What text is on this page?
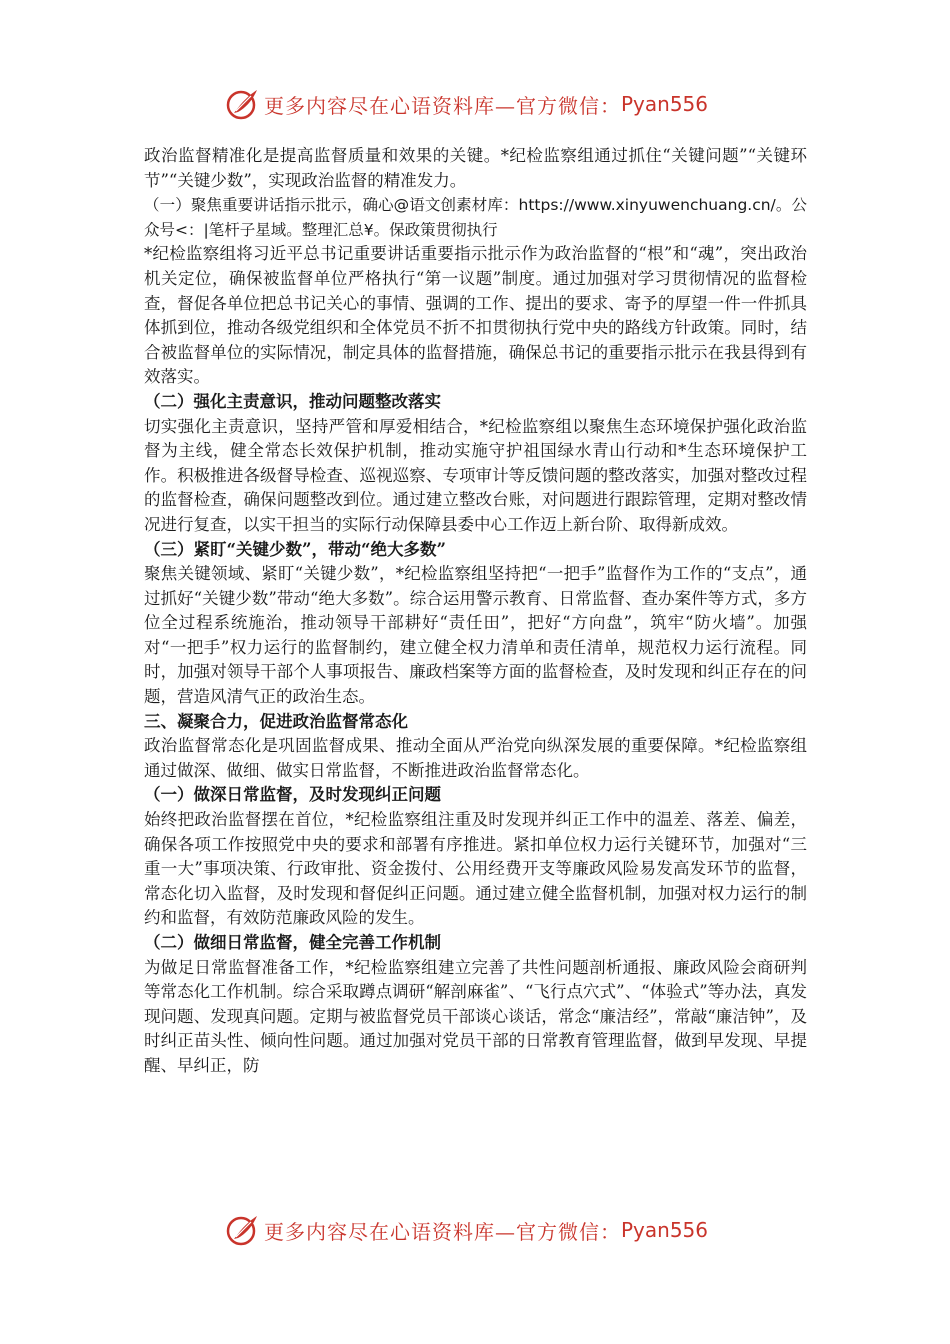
更多内容尽在心语资料库—官方微信： Pyan556

政治监督精准化是提高监督质量和效果的关键。*纪检监察组通过抓住“关键问题”“关键环节”“关键少数”，实现政治监督的精准发力。

（一）聚焦重要讲话指示批示，确心@语文创素材库：https://www.xinyuwenchuang.cn/。公众号<：|笔杆子星域。整理汇总¥。保政策贯彻执行

*纪检监察组将习近平总书记重要讲话重要指示批示作为政治监督的“根”和“魂”，突出政治机关定位，确保被监督单位严格执行“第一议题”制度。通过加强对学习贯彻情况的监督检查，督促各单位把总书记关心的事情、强调的工作、提出的要求、寄予的厚望一件一件抓具体抓到位，推动各级党组织和全体党员不折不扣贯彻执行党中央的路线方针政策。同时，结合被监督单位的实际情况，制定具体的监督措施，确保总书记的重要指示批示在我县得到有效落实。

（二）强化主责意识，推动问题整改落实

切实强化主责意识，坚持严管和厚爱相结合，*纪检监察组以聚焦生态环境保护强化政治监督为主线，健全常态长效保护机制，推动实施守护祖国绿水青山行动和*生态环境保护工作。积极推进各级督导检查、巡视巡察、专项审计等反馈问题的整改落实，加强对整改过程的监督检查，确保问题整改到位。通过建立整改台账，对问题进行跟踪管理，定期对整改情况进行复查，以实干担当的实际行动保障县委中心工作迈上新台阶、取得新成效。

（三）紧盯“关键少数”，带动“绝大多数”

聚焦关键领域、紧盯“关键少数”，*纪检监察组坚持把“一把手”监督作为工作的“支点”，通过抓好“关键少数”带动“绝大多数”。综合运用警示教育、日常监督、查办案件等方式，多方位全过程系统施治，推动领导干部耕好“责任田”，把好“方向盘”，筑牢“防火墙”。加强对“一把手”权力运行的监督制约，建立健全权力清单和责任清单，规范权力运行流程。同时，加强对领导干部个人事项报告、廉政档案等方面的监督检查，及时发现和纠正存在的问题，营造风清气正的政治生态。

三、凝聚合力，促进政治监督常态化

政治监督常态化是巩固监督成果、推动全面从严治党向纵深发展的重要保障。*纪检监察组通过做深、做细、做实日常监督，不断推进政治监督常态化。

（一）做深日常监督，及时发现纠正问题

始终把政治监督摆在首位，*纪检监察组注重及时发现并纠正工作中的温差、落差、偏差，确保各项工作按照党中央的要求和部署有序推进。紧扣单位权力运行关键环节，加强对“三重一大”事项决策、行政审批、资金拨付、公用经费开支等廉政风险易发高发环节的监督，常态化切入监督，及时发现和督促纠正问题。通过建立健全监督机制，加强对权力运行的制约和监督，有效防范廉政风险的发生。

（二）做细日常监督，健全完善工作机制

为做足日常监督准备工作，*纪检监察组建立完善了共性问题剖析通报、廉政风险会商研判等常态化工作机制。综合采取蹲点调研“解剖麻雀”、“飞行点穴式”、“体验式”等办法，真发现问题、发现真问题。定期与被监督党员干部谈心谈话，常念“廉洁经”，常敲“廉洁钟”，及时纠正苗头性、倾向性问题。通过加强对党员干部的日常教育管理监督，做到早发现、早提醒、早纠正，防

更多内容尽在心语资料库—官方微信： Pyan556
